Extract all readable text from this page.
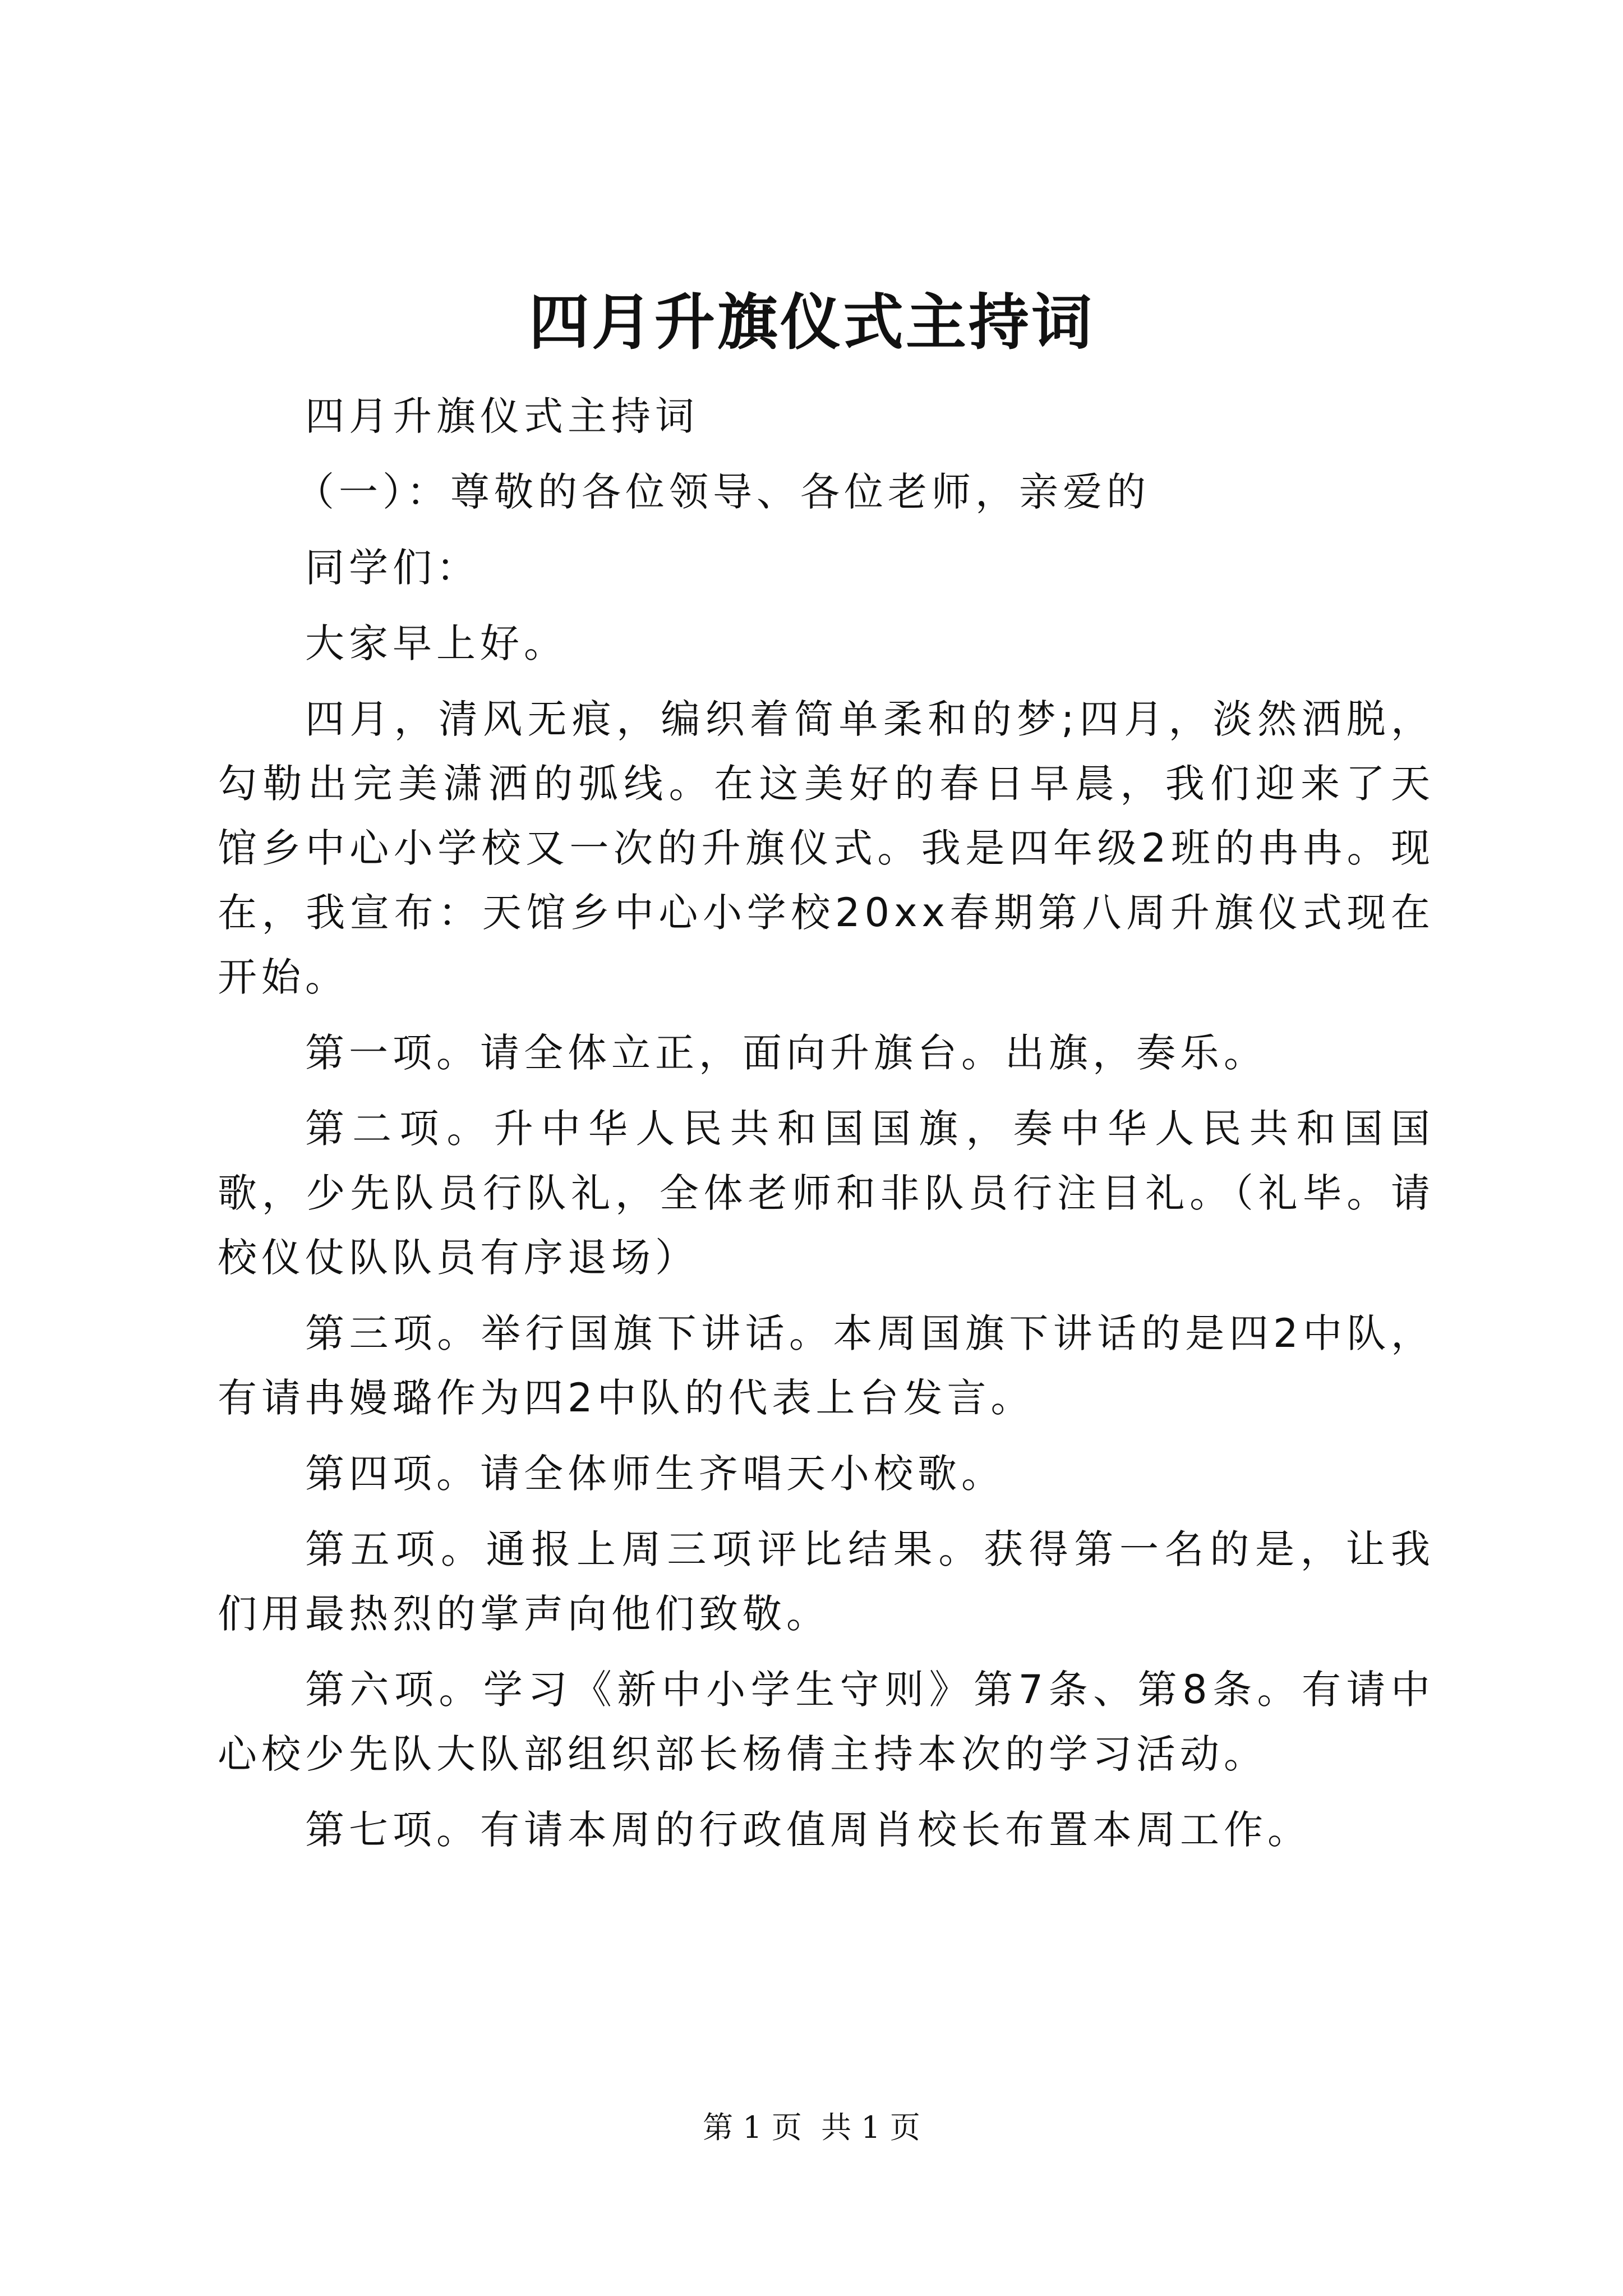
四月升旗仪式主持词

四月升旗仪式主持词

（一）：尊敬的各位领导、各位老师，亲爱的

同学们：

大家早上好。

四月，清风无痕，编织着简单柔和的梦;四月，淡然洒脱，勾勒出完美潇洒的弧线。在这美好的春日早晨，我们迎来了天馆乡中心小学校又一次的升旗仪式。我是四年级2班的冉冉。现在，我宣布：天馆乡中心小学校20xx春期第八周升旗仪式现在开始。

第一项。请全体立正，面向升旗台。出旗，奏乐。

第二项。升中华人民共和国国旗，奏中华人民共和国国歌，少先队员行队礼，全体老师和非队员行注目礼。（礼毕。请校仪仗队队员有序退场）

第三项。举行国旗下讲话。本周国旗下讲话的是四2中队，有请冉嫚璐作为四2中队的代表上台发言。

第四项。请全体师生齐唱天小校歌。

第五项。通报上周三项评比结果。获得第一名的是，让我们用最热烈的掌声向他们致敬。

第六项。学习《新中小学生守则》第7条、第8条。有请中心校少先队大队部组织部长杨倩主持本次的学习活动。

第七项。有请本周的行政值周肖校长布置本周工作。

第 1 页  共 1 页
